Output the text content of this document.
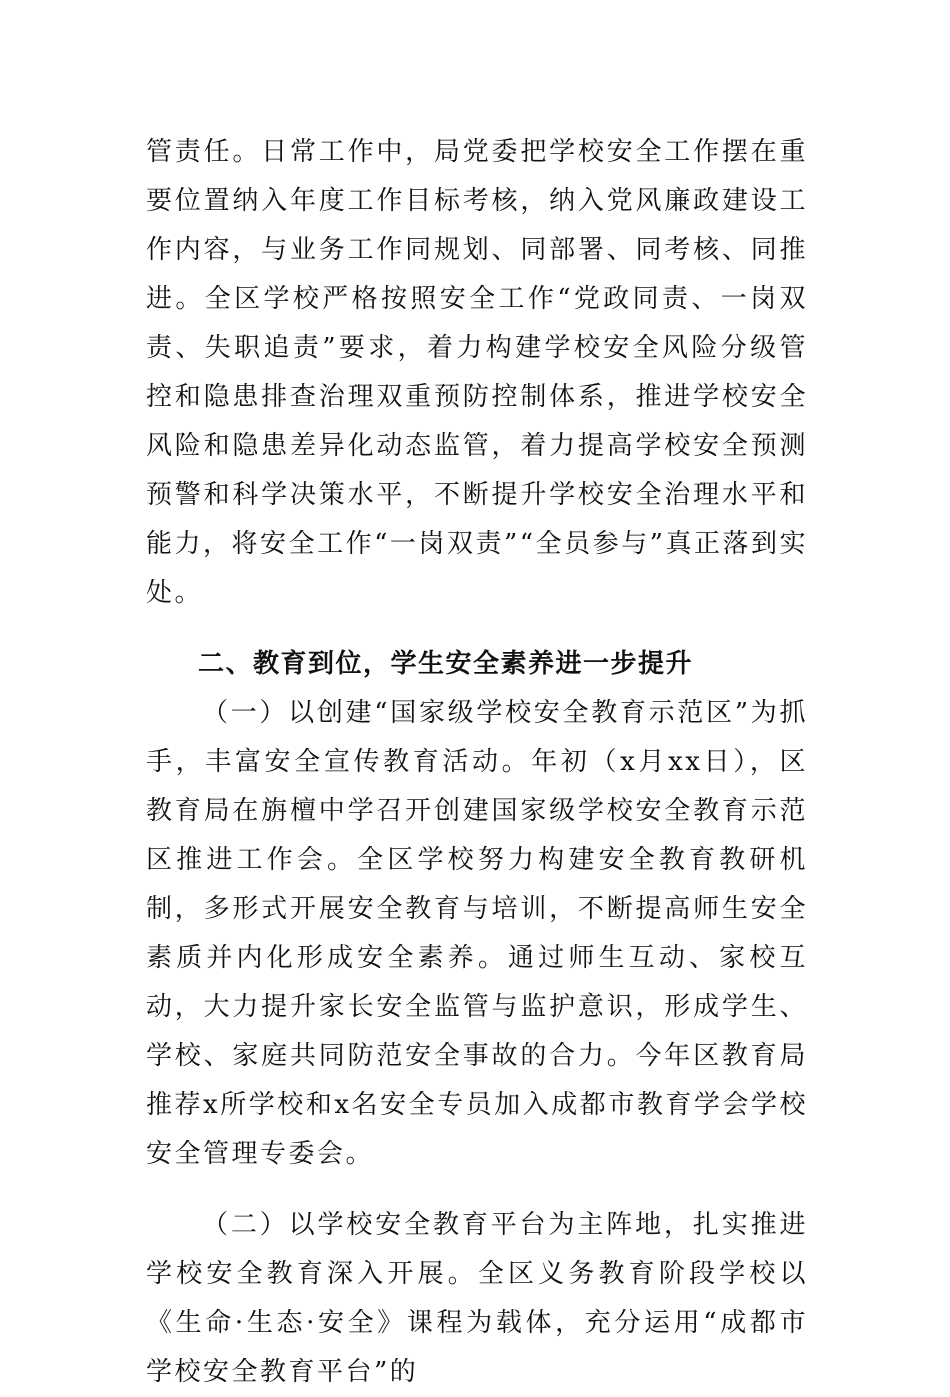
管责任。日常工作中，局党委把学校安全工作摆在重要位置纳入年度工作目标考核，纳入党风廉政建设工作内容，与业务工作同规划、同部署、同考核、同推进。全区学校严格按照安全工作“党政同责、一岗双责、失职追责”要求，着力构建学校安全风险分级管控和隐患排查治理双重预防控制体系，推进学校安全风险和隐患差异化动态监管，着力提高学校安全预测预警和科学决策水平，不断提升学校安全治理水平和能力，将安全工作“一岗双责”“全员参与”真正落到实处。

二、教育到位，学生安全素养进一步提升

（一）以创建“国家级学校安全教育示范区”为抓手，丰富安全宣传教育活动。年初（x月xx日），区教育局在旃檀中学召开创建国家级学校安全教育示范区推进工作会。全区学校努力构建安全教育教研机制，多形式开展安全教育与培训，不断提高师生安全素质并内化形成安全素养。通过师生互动、家校互动，大力提升家长安全监管与监护意识，形成学生、学校、家庭共同防范安全事故的合力。今年区教育局推荐x所学校和x名安全专员加入成都市教育学会学校安全管理专委会。

（二）以学校安全教育平台为主阵地，扎实推进学校安全教育深入开展。全区义务教育阶段学校以《生命·生态·安全》课程为载体，充分运用“成都市学校安全教育平台”的
